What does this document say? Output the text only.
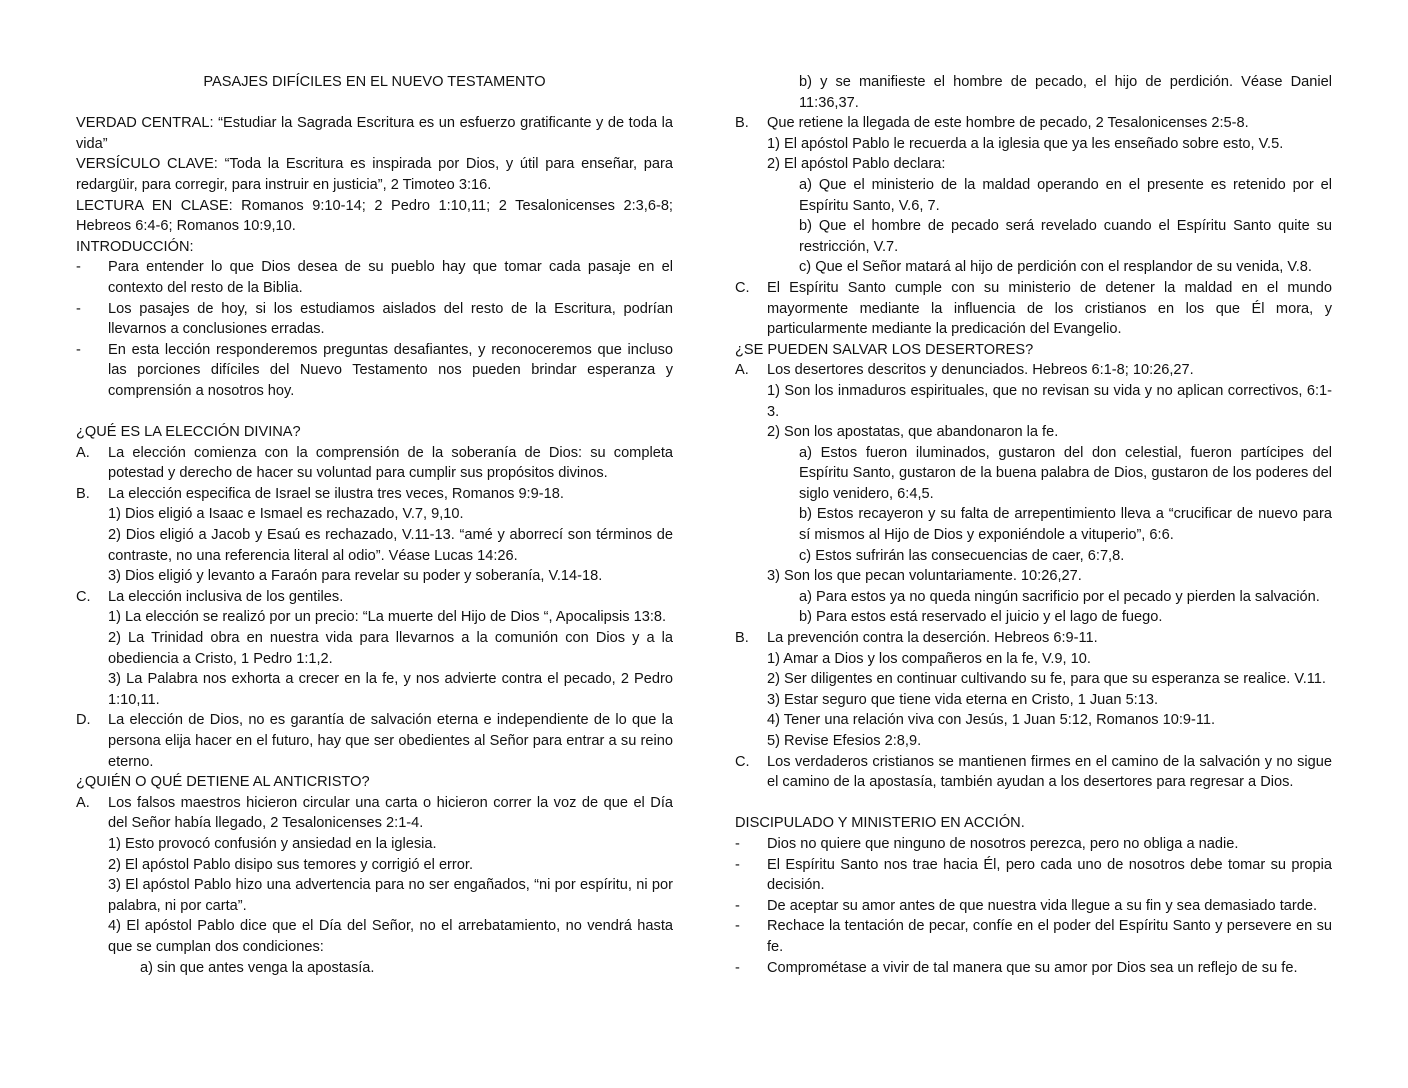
PASAJES DIFÍCILES EN EL NUEVO TESTAMENTO
VERDAD CENTRAL: “Estudiar la Sagrada Escritura es un esfuerzo gratificante y de toda la vida”
VERSÍCULO CLAVE: “Toda la Escritura es inspirada por Dios, y útil para enseñar, para redargüir, para corregir, para instruir en justicia”, 2 Timoteo 3:16.
LECTURA EN CLASE: Romanos 9:10-14; 2 Pedro 1:10,11; 2 Tesalonicenses 2:3,6-8; Hebreos 6:4-6; Romanos 10:9,10.
INTRODUCCIÓN:
-	Para entender lo que Dios desea de su pueblo hay que tomar cada pasaje en el contexto del resto de la Biblia.
-	Los pasajes de hoy, si los estudiamos aislados del resto de la Escritura, podrían llevarnos a conclusiones erradas.
-	En esta lección responderemos preguntas desafiantes, y reconoceremos que incluso las porciones difíciles del Nuevo Testamento nos pueden brindar esperanza y comprensión a nosotros hoy.
¿QUÉ ES LA ELECCIÓN DIVINA?
A.	La elección comienza con la comprensión de la soberanía de Dios: su completa potestad y derecho de hacer su voluntad para cumplir sus propósitos divinos.
B.	La elección especifica de Israel se ilustra tres veces, Romanos 9:9-18.
1) Dios eligió a Isaac e Ismael es rechazado, V.7, 9,10.
2) Dios eligió a Jacob y Esaú es rechazado, V.11-13. “amé y aborrecí son términos de contraste, no una referencia literal al odio”. Véase Lucas 14:26.
3) Dios eligió y levanto a Faraón para revelar su poder y soberanía, V.14-18.
C.	La elección inclusiva de los gentiles.
1) La elección se realizó por un precio: “La muerte del Hijo de Dios “, Apocalipsis 13:8.
2) La Trinidad obra en nuestra vida para llevarnos a la comunión con Dios y a la obediencia a Cristo, 1 Pedro 1:1,2.
3) La Palabra nos exhorta a crecer en la fe, y nos advierte contra el pecado, 2 Pedro 1:10,11.
D.	La elección de Dios, no es garantía de salvación eterna e independiente de lo que la persona elija hacer en el futuro, hay que ser obedientes al Señor para entrar a su reino eterno.
¿QUIÉN O QUÉ DETIENE AL ANTICRISTO?
A.	Los falsos maestros hicieron circular una carta o hicieron correr la voz de que el Día del Señor había llegado, 2 Tesalonicenses 2:1-4.
1) Esto provocó confusión y ansiedad en la iglesia.
2) El apóstol Pablo disipo sus temores y corrigió el error.
3) El apóstol Pablo hizo una advertencia para no ser engañados, “ni por espíritu, ni por palabra, ni por carta”.
4) El apóstol Pablo dice que el Día del Señor, no el arrebatamiento, no vendrá hasta que se cumplan dos condiciones:
a) sin que antes venga la apostasía.
b) y se manifieste el hombre de pecado, el hijo de perdición. Véase Daniel 11:36,37.
B.	Que retiene la llegada de este hombre de pecado, 2 Tesalonicenses 2:5-8.
1) El apóstol Pablo le recuerda a la iglesia que ya les enseñado sobre esto, V.5.
2) El apóstol Pablo declara:
a) Que el ministerio de la maldad operando en el presente es retenido por el Espíritu Santo, V.6, 7.
b) Que el hombre de pecado será revelado cuando el Espíritu Santo quite su restricción, V.7.
c) Que el Señor matará al hijo de perdición con el resplandor de su venida, V.8.
C.	El Espíritu Santo cumple con su ministerio de detener la maldad en el mundo mayormente mediante la influencia de los cristianos en los que Él mora, y particularmente mediante la predicación del Evangelio.
¿SE PUEDEN SALVAR LOS DESERTORES?
A.	Los desertores descritos y denunciados. Hebreos 6:1-8; 10:26,27.
1) Son los inmaduros espirituales, que no revisan su vida y no aplican correctivos, 6:1-3.
2) Son los apostatas, que abandonaron la fe.
a) Estos fueron iluminados, gustaron del don celestial, fueron partícipes del Espíritu Santo, gustaron de la buena palabra de Dios, gustaron de los poderes del siglo venidero, 6:4,5.
b) Estos recayeron y su falta de arrepentimiento lleva a “crucificar de nuevo para sí mismos al Hijo de Dios y exponiéndole a vituperio”, 6:6.
c) Estos sufrirán las consecuencias de caer, 6:7,8.
3) Son los que pecan voluntariamente. 10:26,27.
a) Para estos ya no queda ningún sacrificio por el pecado y pierden la salvación.
b) Para estos está reservado el juicio y el lago de fuego.
B.	La prevención contra la deserción. Hebreos 6:9-11.
1) Amar a Dios y los compañeros en la fe, V.9, 10.
2) Ser diligentes en continuar cultivando su fe, para que su esperanza se realice. V.11.
3) Estar seguro que tiene vida eterna en Cristo, 1 Juan 5:13.
4) Tener una relación viva con Jesús, 1 Juan 5:12, Romanos 10:9-11.
5) Revise Efesios 2:8,9.
C.	Los verdaderos cristianos se mantienen firmes en el camino de la salvación y no sigue el camino de la apostasía, también ayudan a los desertores para regresar a Dios.
DISCIPULADO Y MINISTERIO EN ACCIÓN.
-	Dios no quiere que ninguno de nosotros perezca, pero no obliga a nadie.
-	El Espíritu Santo nos trae hacia Él, pero cada uno de nosotros debe tomar su propia decisión.
-	De aceptar su amor antes de que nuestra vida llegue a su fin y sea demasiado tarde.
-	Rechace la tentación de pecar, confíe en el poder del Espíritu Santo y persevere en su fe.
-	Comprométase a vivir de tal manera que su amor por Dios sea un reflejo de su fe.
